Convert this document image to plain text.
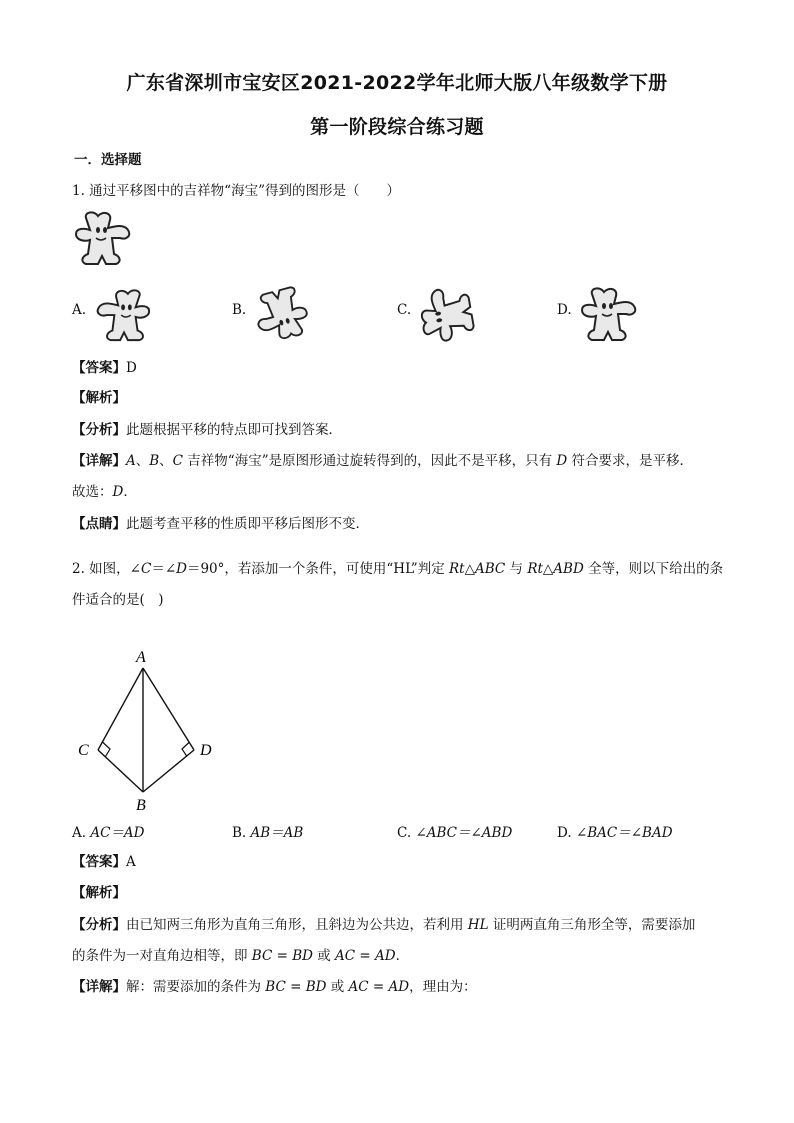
广东省深圳市宝安区2021-2022学年北师大版八年级数学下册
第一阶段综合练习题
一．选择题
1. 通过平移图中的吉祥物“海宝”得到的图形是（　　）
A.	B.	C.	D.
【答案】D
【解析】
【分析】此题根据平移的特点即可找到答案．
【详解】A、B、C 吉祥物“海宝”是原图形通过旋转得到的，因此不是平移，只有 D 符合要求，是平移．
故选：D．
【点睛】此题考查平移的性质即平移后图形不变．
2. 如图，∠C＝∠D＝90°，若添加一个条件，可使用“HL”判定 Rt△ABC 与 Rt△ABD 全等，则以下给出的条
件适合的是(　)
A
B
C	D
A. AC＝AD	B. AB＝AB	C. ∠ABC＝∠ABD	D. ∠BAC＝∠BAD
【答案】A
【解析】
【分析】由已知两三角形为直角三角形，且斜边为公共边，若利用 HL 证明两直角三角形全等，需要添加
的条件为一对直角边相等，即 BC = BD 或 AC = AD．
【详解】解：需要添加的条件为 BC = BD 或 AC = AD，理由为：
